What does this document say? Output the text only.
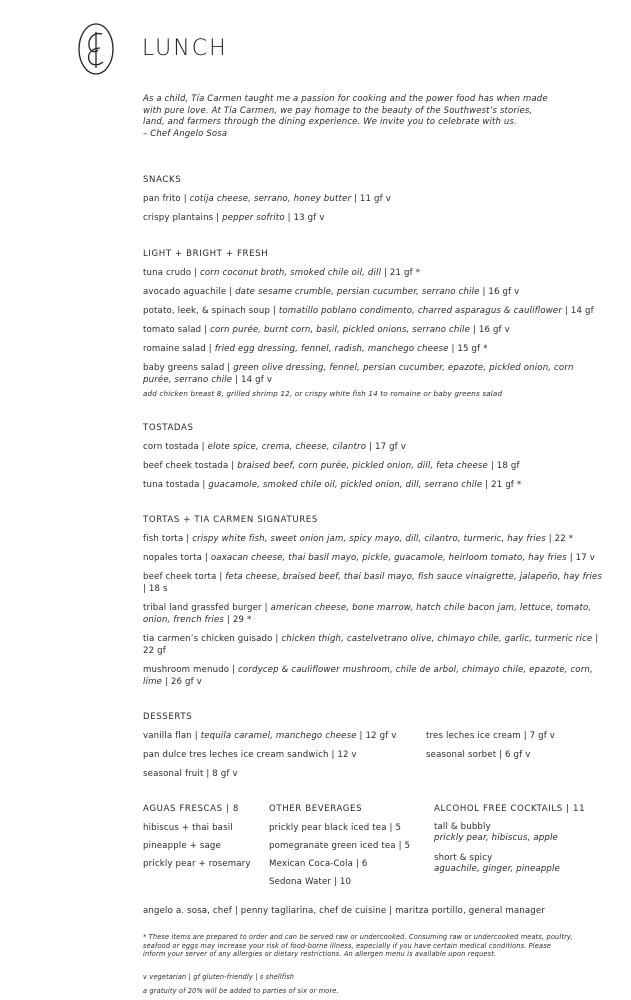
LUNCH
As a child, Tía Carmen taught me a passion for cooking and the power food has when made
with pure love. At Tía Carmen, we pay homage to the beauty of the Southwest’s stories,
land, and farmers through the dining experience. We invite you to celebrate with us.
– Chef Angelo Sosa
SNACKS
pan frito | cotija cheese, serrano, honey butter | 11 gf v
crispy plantains | pepper sofrito | 13 gf v
LIGHT + BRIGHT + FRESH
tuna crudo | corn coconut broth, smoked chile oil, dill | 21 gf *
avocado aguachile | date sesame crumble, persian cucumber, serrano chile | 16 gf v
potato, leek, & spinach soup | tomatillo poblano condimento, charred asparagus & cauliflower | 14 gf
tomato salad | corn purée, burnt corn, basil, pickled onions, serrano chile | 16 gf v
romaine salad | fried egg dressing, fennel, radish, manchego cheese | 15 gf *
baby greens salad | green olive dressing, fennel, persian cucumber, epazote, pickled onion, corn purée, serrano chile | 14 gf v
add chicken breast 8, grilled shrimp 12, or crispy white fish 14 to romaine or baby greens salad
TOSTADAS
corn tostada | elote spice, crema, cheese, cilantro | 17 gf v
beef cheek tostada | braised beef, corn purée, pickled onion, dill, feta cheese | 18 gf
tuna tostada | guacamole, smoked chile oil, pickled onion, dill, serrano chile | 21 gf *
TORTAS + TIA CARMEN SIGNATURES
fish torta | crispy white fish, sweet onion jam, spicy mayo, dill, cilantro, turmeric, hay fries | 22 *
nopales torta | oaxacan cheese, thai basil mayo, pickle, guacamole, heirloom tomato, hay fries | 17 v
beef cheek torta | feta cheese, braised beef, thai basil mayo, fish sauce vinaigrette, jalapeño, hay fries | 18 s
tribal land grassfed burger | american cheese, bone marrow, hatch chile bacon jam, lettuce, tomato, onion, french fries | 29 *
tia carmen’s chicken guisado | chicken thigh, castelvetrano olive, chimayo chile, garlic, turmeric rice | 22 gf
mushroom menudo | cordycep & cauliflower mushroom, chile de arbol, chimayo chile, epazote, corn, lime | 26 gf v
DESSERTS
vanilla flan | tequila caramel, manchego cheese | 12 gf v
pan dulce tres leches ice cream sandwich | 12 v
seasonal fruit | 8 gf v
tres leches ice cream | 7 gf v
seasonal sorbet | 6 gf v
AGUAS FRESCAS | 8
hibiscus + thai basil
pineapple + sage
prickly pear + rosemary
OTHER BEVERAGES
prickly pear black iced tea | 5
pomegranate green iced tea | 5
Mexican Coca-Cola | 6
Sedona Water | 10
ALCOHOL FREE COCKTAILS | 11
tall & bubbly
prickly pear, hibiscus, apple
short & spicy
aguachile, ginger, pineapple
angelo a. sosa, chef | penny tagliarina, chef de cuisine | maritza portillo, general manager
* These items are prepared to order and can be served raw or undercooked. Consuming raw or undercooked meats, poultry, seafood or eggs may increase your risk of food-borne illness, especially if you have certain medical conditions. Please inform your server of any allergies or dietary restrictions. An allergen menu is available upon request.
v vegetarian | gf gluten-friendly | s shellfish
a gratuity of 20% will be added to parties of six or more.
